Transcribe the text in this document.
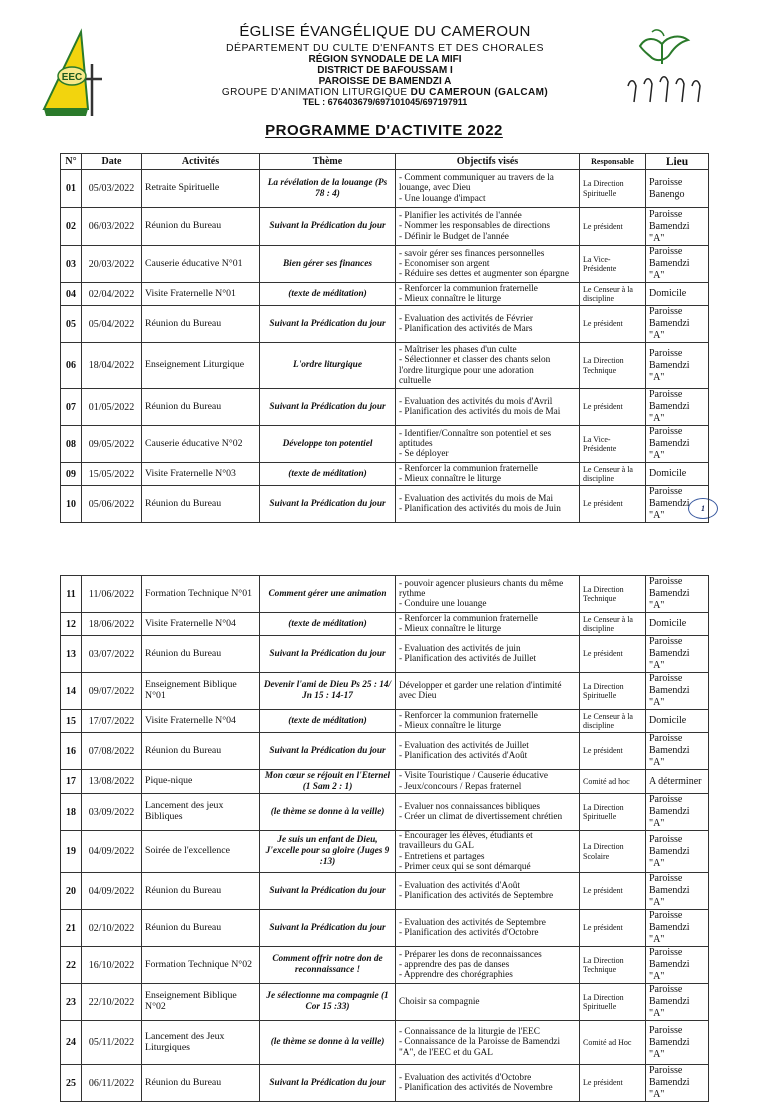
EEC
ÉGLISE ÉVANGÉLIQUE DU CAMEROUN
DÉPARTEMENT DU CULTE D'ENFANTS ET DES CHORALES
RÉGION SYNODALE DE LA MIFI
DISTRICT DE BAFOUSSAM I
PAROISSE DE BAMENDZI A
GROUPE D'ANIMATION LITURGIQUE DU CAMEROUN (GALCAM)
TEL : 676403679/697101045/697197911
PROGRAMME D'ACTIVITE 2022
1
N°	Date	Activités	Thème	Objectifs visés	Responsable	Lieu
01	05/03/2022	Retraite Spirituelle	La révélation de la louange (Ps 78 : 4)	- Comment communiquer au travers de la
louange, avec Dieu
- Une louange d'impact	La Direction Spirituelle	Paroisse Banengo
02	06/03/2022	Réunion du Bureau	Suivant la Prédication du jour	- Planifier les activités de l'année
- Nommer les responsables de directions
- Définir le Budget de l'année	Le président	Paroisse Bamendzi "A"
03	20/03/2022	Causerie éducative N°01	Bien gérer ses finances	- savoir gérer ses finances personnelles
- Economiser son argent
- Réduire ses dettes et augmenter son épargne	La Vice-Présidente	Paroisse Bamendzi "A"
04	02/04/2022	Visite Fraternelle N°01	(texte de méditation)	- Renforcer la communion fraternelle
- Mieux connaître le liturge	Le Censeur à la discipline	Domicile
05	05/04/2022	Réunion du Bureau	Suivant la Prédication du jour	- Evaluation des activités de Février
- Planification des activités de Mars	Le président	Paroisse Bamendzi "A"
06	18/04/2022	Enseignement Liturgique	L'ordre liturgique	- Maîtriser les phases d'un culte
- Sélectionner et classer des chants selon
l'ordre liturgique pour une adoration
cultuelle	La Direction Technique	Paroisse Bamendzi "A"
07	01/05/2022	Réunion du Bureau	Suivant la Prédication du jour	- Evaluation des activités du mois d'Avril
- Planification des activités du mois de Mai	Le président	Paroisse Bamendzi "A"
08	09/05/2022	Causerie éducative N°02	Développe ton potentiel	- Identifier/Connaître son potentiel et ses
aptitudes
- Se déployer	La Vice-Présidente	Paroisse Bamendzi "A"
09	15/05/2022	Visite Fraternelle N°03	(texte de méditation)	- Renforcer la communion fraternelle
- Mieux connaître le liturge	Le Censeur à la discipline	Domicile
10	05/06/2022	Réunion du Bureau	Suivant la Prédication du jour	- Evaluation des activités du mois de Mai
- Planification des activités du mois de Juin	Le président	Paroisse Bamendzi "A"
11	11/06/2022	Formation Technique N°01	Comment gérer une animation	- pouvoir agencer plusieurs chants du même
rythme
- Conduire une louange	La Direction Technique	Paroisse Bamendzi "A"
12	18/06/2022	Visite Fraternelle N°04	(texte de méditation)	- Renforcer la communion fraternelle
- Mieux connaître le liturge	Le Censeur à la discipline	Domicile
13	03/07/2022	Réunion du Bureau	Suivant la Prédication du jour	- Evaluation des activités de juin
- Planification des activités de Juillet	Le président	Paroisse Bamendzi "A"
14	09/07/2022	Enseignement Biblique N°01	Devenir l'ami de Dieu Ps 25 : 14/ Jn 15 : 14-17	Développer et garder une relation d'intimité
avec Dieu	La Direction Spirituelle	Paroisse Bamendzi "A"
15	17/07/2022	Visite Fraternelle N°04	(texte de méditation)	- Renforcer la communion fraternelle
- Mieux connaître le liturge	Le Censeur à la discipline	Domicile
16	07/08/2022	Réunion du Bureau	Suivant la Prédication du jour	- Evaluation des activités de Juillet
- Planification des activités d'Août	Le président	Paroisse Bamendzi "A"
17	13/08/2022	Pique-nique	Mon cœur se réjouit en l'Eternel (1 Sam 2 : 1)	- Visite Touristique / Causerie éducative
- Jeux/concours / Repas fraternel	Comité ad hoc	A déterminer
18	03/09/2022	Lancement des jeux Bibliques	(le thème se donne à la veille)	- Evaluer nos connaissances bibliques
- Créer un climat de divertissement chrétien	La Direction Spirituelle	Paroisse Bamendzi "A"
19	04/09/2022	Soirée de l'excellence	Je suis un enfant de Dieu, J'excelle pour sa gloire (Juges 9 :13)	- Encourager les élèves, étudiants et
travailleurs du GAL
- Entretiens et partages
- Primer ceux qui se sont démarqué	La Direction Scolaire	Paroisse Bamendzi "A"
20	04/09/2022	Réunion du Bureau	Suivant la Prédication du jour	- Evaluation des activités d'Août
- Planification des activités de Septembre	Le président	Paroisse Bamendzi "A"
21	02/10/2022	Réunion du Bureau	Suivant la Prédication du jour	- Evaluation des activités de Septembre
- Planification des activités d'Octobre	Le président	Paroisse Bamendzi "A"
22	16/10/2022	Formation Technique N°02	Comment offrir notre don de reconnaissance !	- Préparer les dons de reconnaissances
- apprendre des pas de danses
- Apprendre des chorégraphies	La Direction Technique	Paroisse Bamendzi "A"
23	22/10/2022	Enseignement Biblique N°02	Je sélectionne ma compagnie (1 Cor 15 :33)	Choisir sa compagnie	La Direction Spirituelle	Paroisse Bamendzi "A"
24	05/11/2022	Lancement des Jeux Liturgiques	(le thème se donne à la veille)	- Connaissance de la liturgie de l'EEC
- Connaissance de la Paroisse de Bamendzi
"A", de l'EEC et du GAL	Comité ad Hoc	Paroisse Bamendzi "A"
25	06/11/2022	Réunion du Bureau	Suivant la Prédication du jour	- Evaluation des activités d'Octobre
- Planification des activités de Novembre	Le président	Paroisse Bamendzi "A"
